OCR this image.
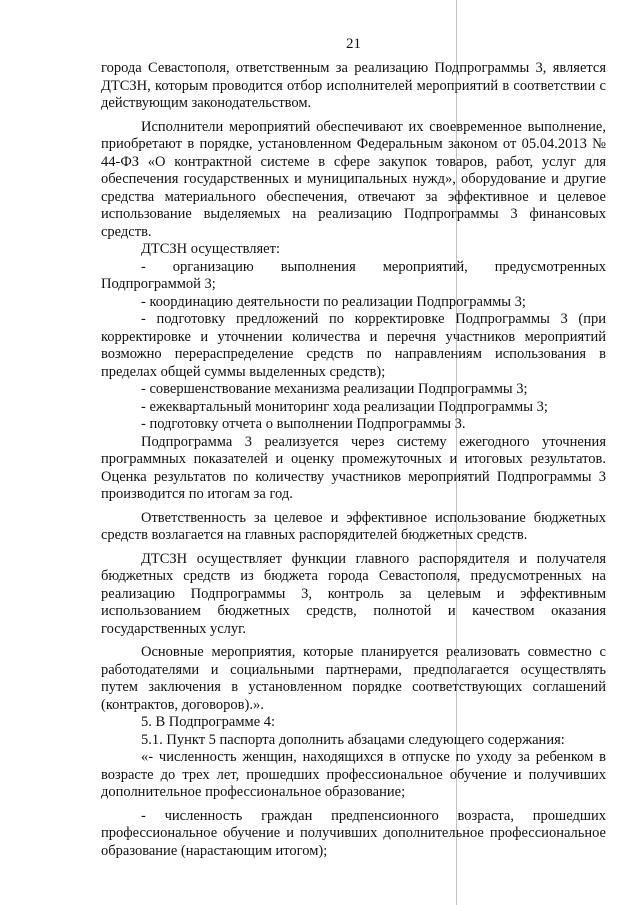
21

города Севастополя, ответственным за реализацию Подпрограммы 3, является ДТСЗН, которым проводится отбор исполнителей мероприятий в соответствии с действующим законодательством.

Исполнители мероприятий обеспечивают их своевременное выполнение, приобретают в порядке, установленном Федеральным законом от 05.04.2013 № 44-ФЗ «О контрактной системе в сфере закупок товаров, работ, услуг для обеспечения государственных и муниципальных нужд», оборудование и другие средства материального обеспечения, отвечают за эффективное и целевое использование выделяемых на реализацию Подпрограммы 3 финансовых средств.

ДТСЗН осуществляет:

- организацию выполнения мероприятий, предусмотренных Подпрограммой 3;

- координацию деятельности по реализации Подпрограммы 3;

- подготовку предложений по корректировке Подпрограммы 3 (при корректировке и уточнении количества и перечня участников мероприятий возможно перераспределение средств по направлениям использования в пределах общей суммы выделенных средств);

- совершенствование механизма реализации Подпрограммы 3;

- ежеквартальный мониторинг хода реализации Подпрограммы 3;

- подготовку отчета о выполнении Подпрограммы 3.

Подпрограмма 3 реализуется через систему ежегодного уточнения программных показателей и оценку промежуточных и итоговых результатов. Оценка результатов по количеству участников мероприятий Подпрограммы 3 производится по итогам за год.

Ответственность за целевое и эффективное использование бюджетных средств возлагается на главных распорядителей бюджетных средств.

ДТСЗН осуществляет функции главного распорядителя и получателя бюджетных средств из бюджета города Севастополя, предусмотренных на реализацию Подпрограммы 3, контроль за целевым и эффективным использованием бюджетных средств, полнотой и качеством оказания государственных услуг.

Основные мероприятия, которые планируется реализовать совместно с работодателями и социальными партнерами, предполагается осуществлять путем заключения в установленном порядке соответствующих соглашений (контрактов, договоров).».

5. В Подпрограмме 4:

5.1. Пункт 5 паспорта дополнить абзацами следующего содержания:

«- численность женщин, находящихся в отпуске по уходу за ребенком в возрасте до трех лет, прошедших профессиональное обучение и получивших дополнительное профессиональное образование;

- численность граждан предпенсионного возраста, прошедших профессиональное обучение и получивших дополнительное профессиональное образование (нарастающим итогом);
